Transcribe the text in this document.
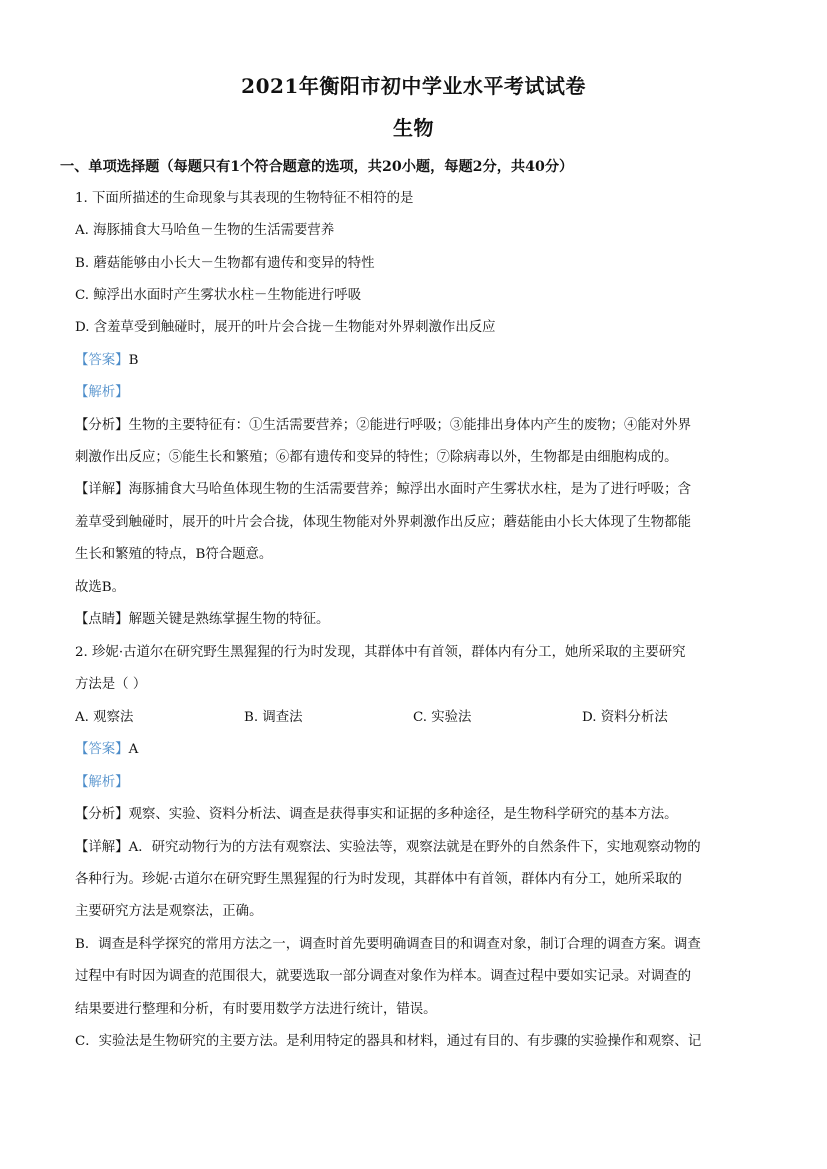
2021年衡阳市初中学业水平考试试卷
生物
一、单项选择题（每题只有1个符合题意的选项，共20小题，每题2分，共40分）
1. 下面所描述的生命现象与其表现的生物特征不相符的是
A. 海豚捕食大马哈鱼－生物的生活需要营养
B. 蘑菇能够由小长大－生物都有遗传和变异的特性
C. 鲸浮出水面时产生雾状水柱－生物能进行呼吸
D. 含羞草受到触碰时，展开的叶片会合拢－生物能对外界刺激作出反应
【答案】B
【解析】
【分析】生物的主要特征有：①生活需要营养；②能进行呼吸；③能排出身体内产生的废物；④能对外界
刺激作出反应；⑤能生长和繁殖；⑥都有遗传和变异的特性；⑦除病毒以外，生物都是由细胞构成的。
【详解】海豚捕食大马哈鱼体现生物的生活需要营养；鲸浮出水面时产生雾状水柱，是为了进行呼吸；含
羞草受到触碰时，展开的叶片会合拢，体现生物能对外界刺激作出反应；蘑菇能由小长大体现了生物都能
生长和繁殖的特点，B符合题意。
故选B。
【点睛】解题关键是熟练掌握生物的特征。
2. 珍妮·古道尔在研究野生黑猩猩的行为时发现，其群体中有首领，群体内有分工，她所采取的主要研究
方法是（ ）
A. 观察法	B. 调查法	C. 实验法	D. 资料分析法
【答案】A
【解析】
【分析】观察、实验、资料分析法、调查是获得事实和证据的多种途径，是生物科学研究的基本方法。
【详解】A．研究动物行为的方法有观察法、实验法等，观察法就是在野外的自然条件下，实地观察动物的
各种行为。珍妮·古道尔在研究野生黑猩猩的行为时发现，其群体中有首领，群体内有分工，她所采取的
主要研究方法是观察法，正确。
B．调查是科学探究的常用方法之一，调查时首先要明确调查目的和调查对象，制订合理的调查方案。调查
过程中有时因为调查的范围很大，就要选取一部分调查对象作为样本。调查过程中要如实记录。对调查的
结果要进行整理和分析，有时要用数学方法进行统计，错误。
C．实验法是生物研究的主要方法。是利用特定的器具和材料，通过有目的、有步骤的实验操作和观察、记
